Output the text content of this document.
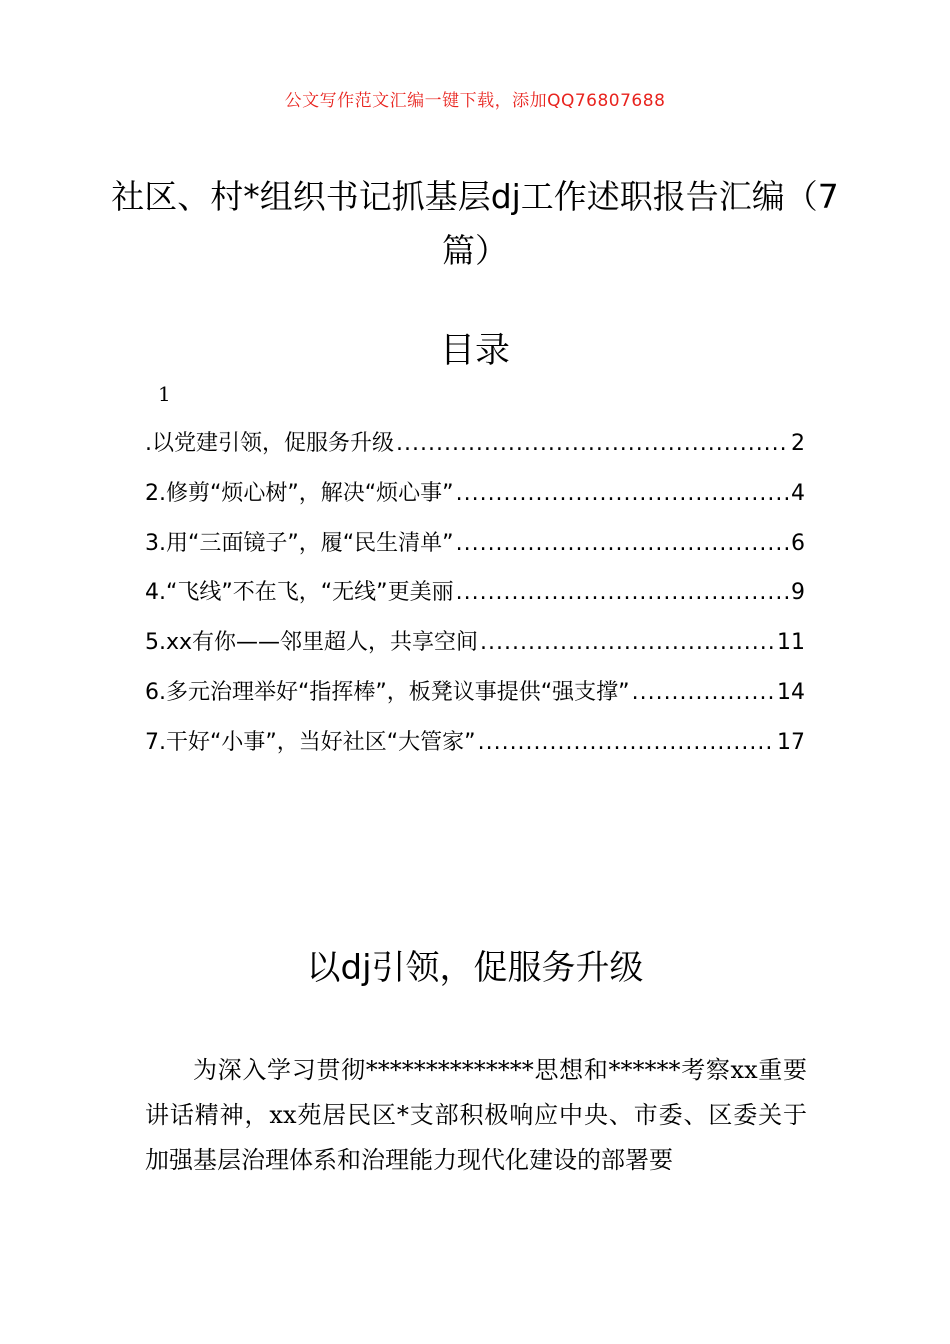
公文写作范文汇编一键下载，添加QQ76807688
社区、村*组织书记抓基层dj工作述职报告汇编（7篇）
目录
1
.以党建引领，促服务升级 .....	2
2.修剪“烦心树”，解决“烦心事” .....	4
3.用“三面镜子”，履“民生清单” .....	6
4.“飞线”不在飞，“无线”更美丽 .....	9
5.xx有你——邻里超人，共享空间 .....	11
6.多元治理举好“指挥棒”，板凳议事提供“强支撑” .....	14
7.干好“小事”，当好社区“大管家” .....	17
以dj引领，促服务升级

为深入学习贯彻**************思想和******考察xx重要讲话精神，xx苑居民区*支部积极响应中央、市委、区委关于加强基层治理体系和治理能力现代化建设的部署要
